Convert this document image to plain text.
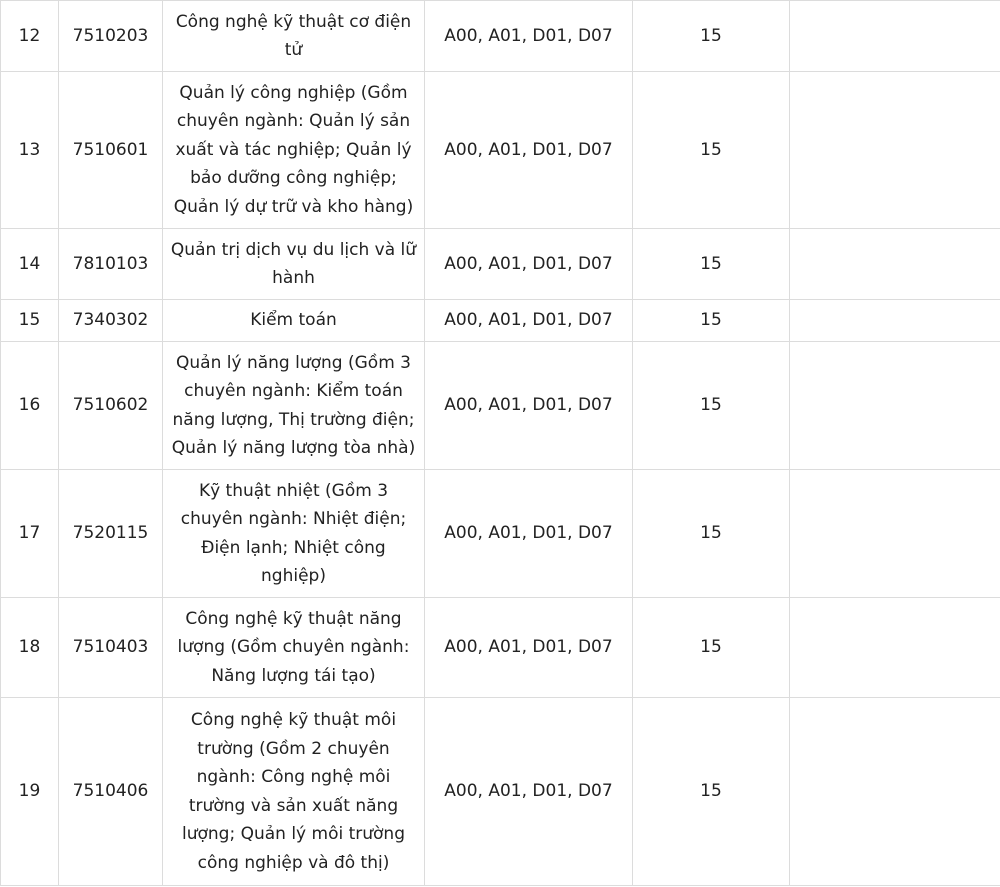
12	7510203	Công nghệ kỹ thuật cơ điện tử	A00, A01, D01, D07	15	
13	7510601	Quản lý công nghiệp (Gồm chuyên ngành: Quản lý sản xuất và tác nghiệp; Quản lý bảo dưỡng công nghiệp; Quản lý dự trữ và kho hàng)	A00, A01, D01, D07	15	
14	7810103	Quản trị dịch vụ du lịch và lữ hành	A00, A01, D01, D07	15	
15	7340302	Kiểm toán	A00, A01, D01, D07	15	
16	7510602	Quản lý năng lượng (Gồm 3 chuyên ngành: Kiểm toán năng lượng, Thị trường điện; Quản lý năng lượng tòa nhà)	A00, A01, D01, D07	15	
17	7520115	Kỹ thuật nhiệt (Gồm 3 chuyên ngành: Nhiệt điện; Điện lạnh; Nhiệt công nghiệp)	A00, A01, D01, D07	15	
18	7510403	Công nghệ kỹ thuật năng lượng (Gồm chuyên ngành: Năng lượng tái tạo)	A00, A01, D01, D07	15	
19	7510406	Công nghệ kỹ thuật môi trường (Gồm 2 chuyên ngành: Công nghệ môi trường và sản xuất năng lượng; Quản lý môi trường công nghiệp và đô thị)	A00, A01, D01, D07	15	
